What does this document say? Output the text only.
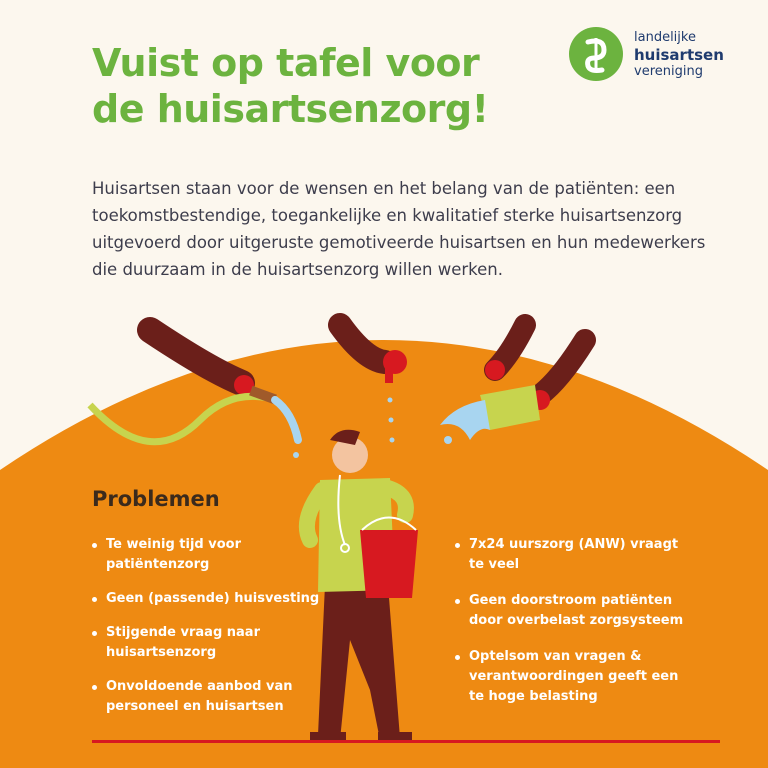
Vuist op tafel voor
de huisartsenzorg!
landelijke
huisartsen
vereniging

Huisartsen staan voor de wensen en het belang van de patiënten: een toekomstbestendige, toegankelijke en kwalitatief sterke huisartsenzorg uitgevoerd door uitgeruste gemotiveerde huisartsen en hun medewerkers die duurzaam in de huisartsenzorg willen werken.

Problemen
Te weinig tijd voor patiëntenzorg
Geen (passende) huisvesting
Stijgende vraag naar huisartsenzorg
Onvoldoende aanbod van personeel en huisartsen
7x24 uurszorg (ANW) vraagt te veel
Geen doorstroom patiënten door overbelast zorgsysteem
Optelsom van vragen & verantwoordingen geeft een te hoge belasting
